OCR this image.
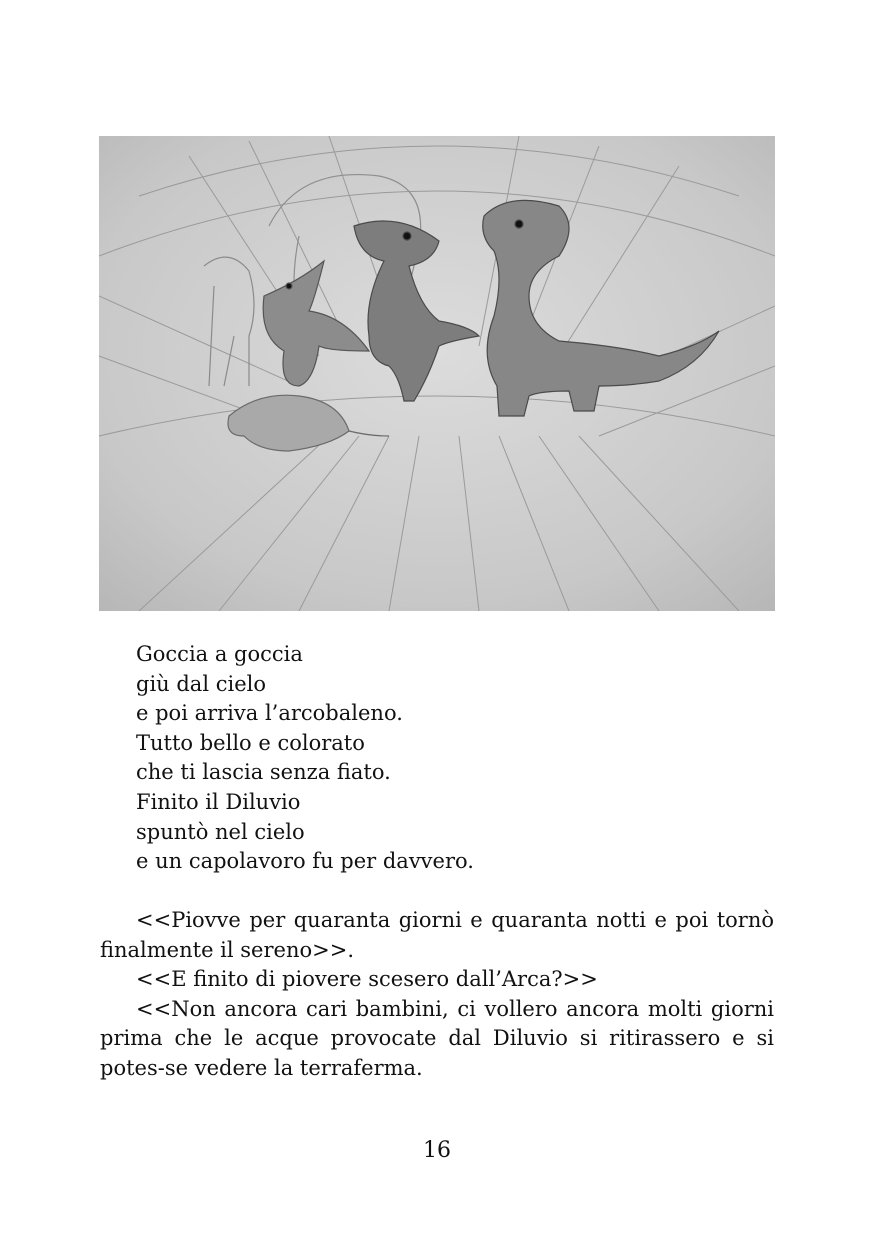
Goccia a goccia
giù dal cielo
e poi arriva l’arcobaleno.
Tutto bello e colorato
che ti lascia senza fiato.
Finito il Diluvio
spuntò nel cielo
e un capolavoro fu per davvero.

<<Piovve per quaranta giorni e quaranta notti e poi tornò finalmente il sereno>>.

<<E finito di piovere scesero dall’Arca?>>

<<Non ancora cari bambini, ci vollero ancora molti giorni prima che le acque provocate dal Diluvio si ritirassero e si potes-se vedere la terraferma.

16
